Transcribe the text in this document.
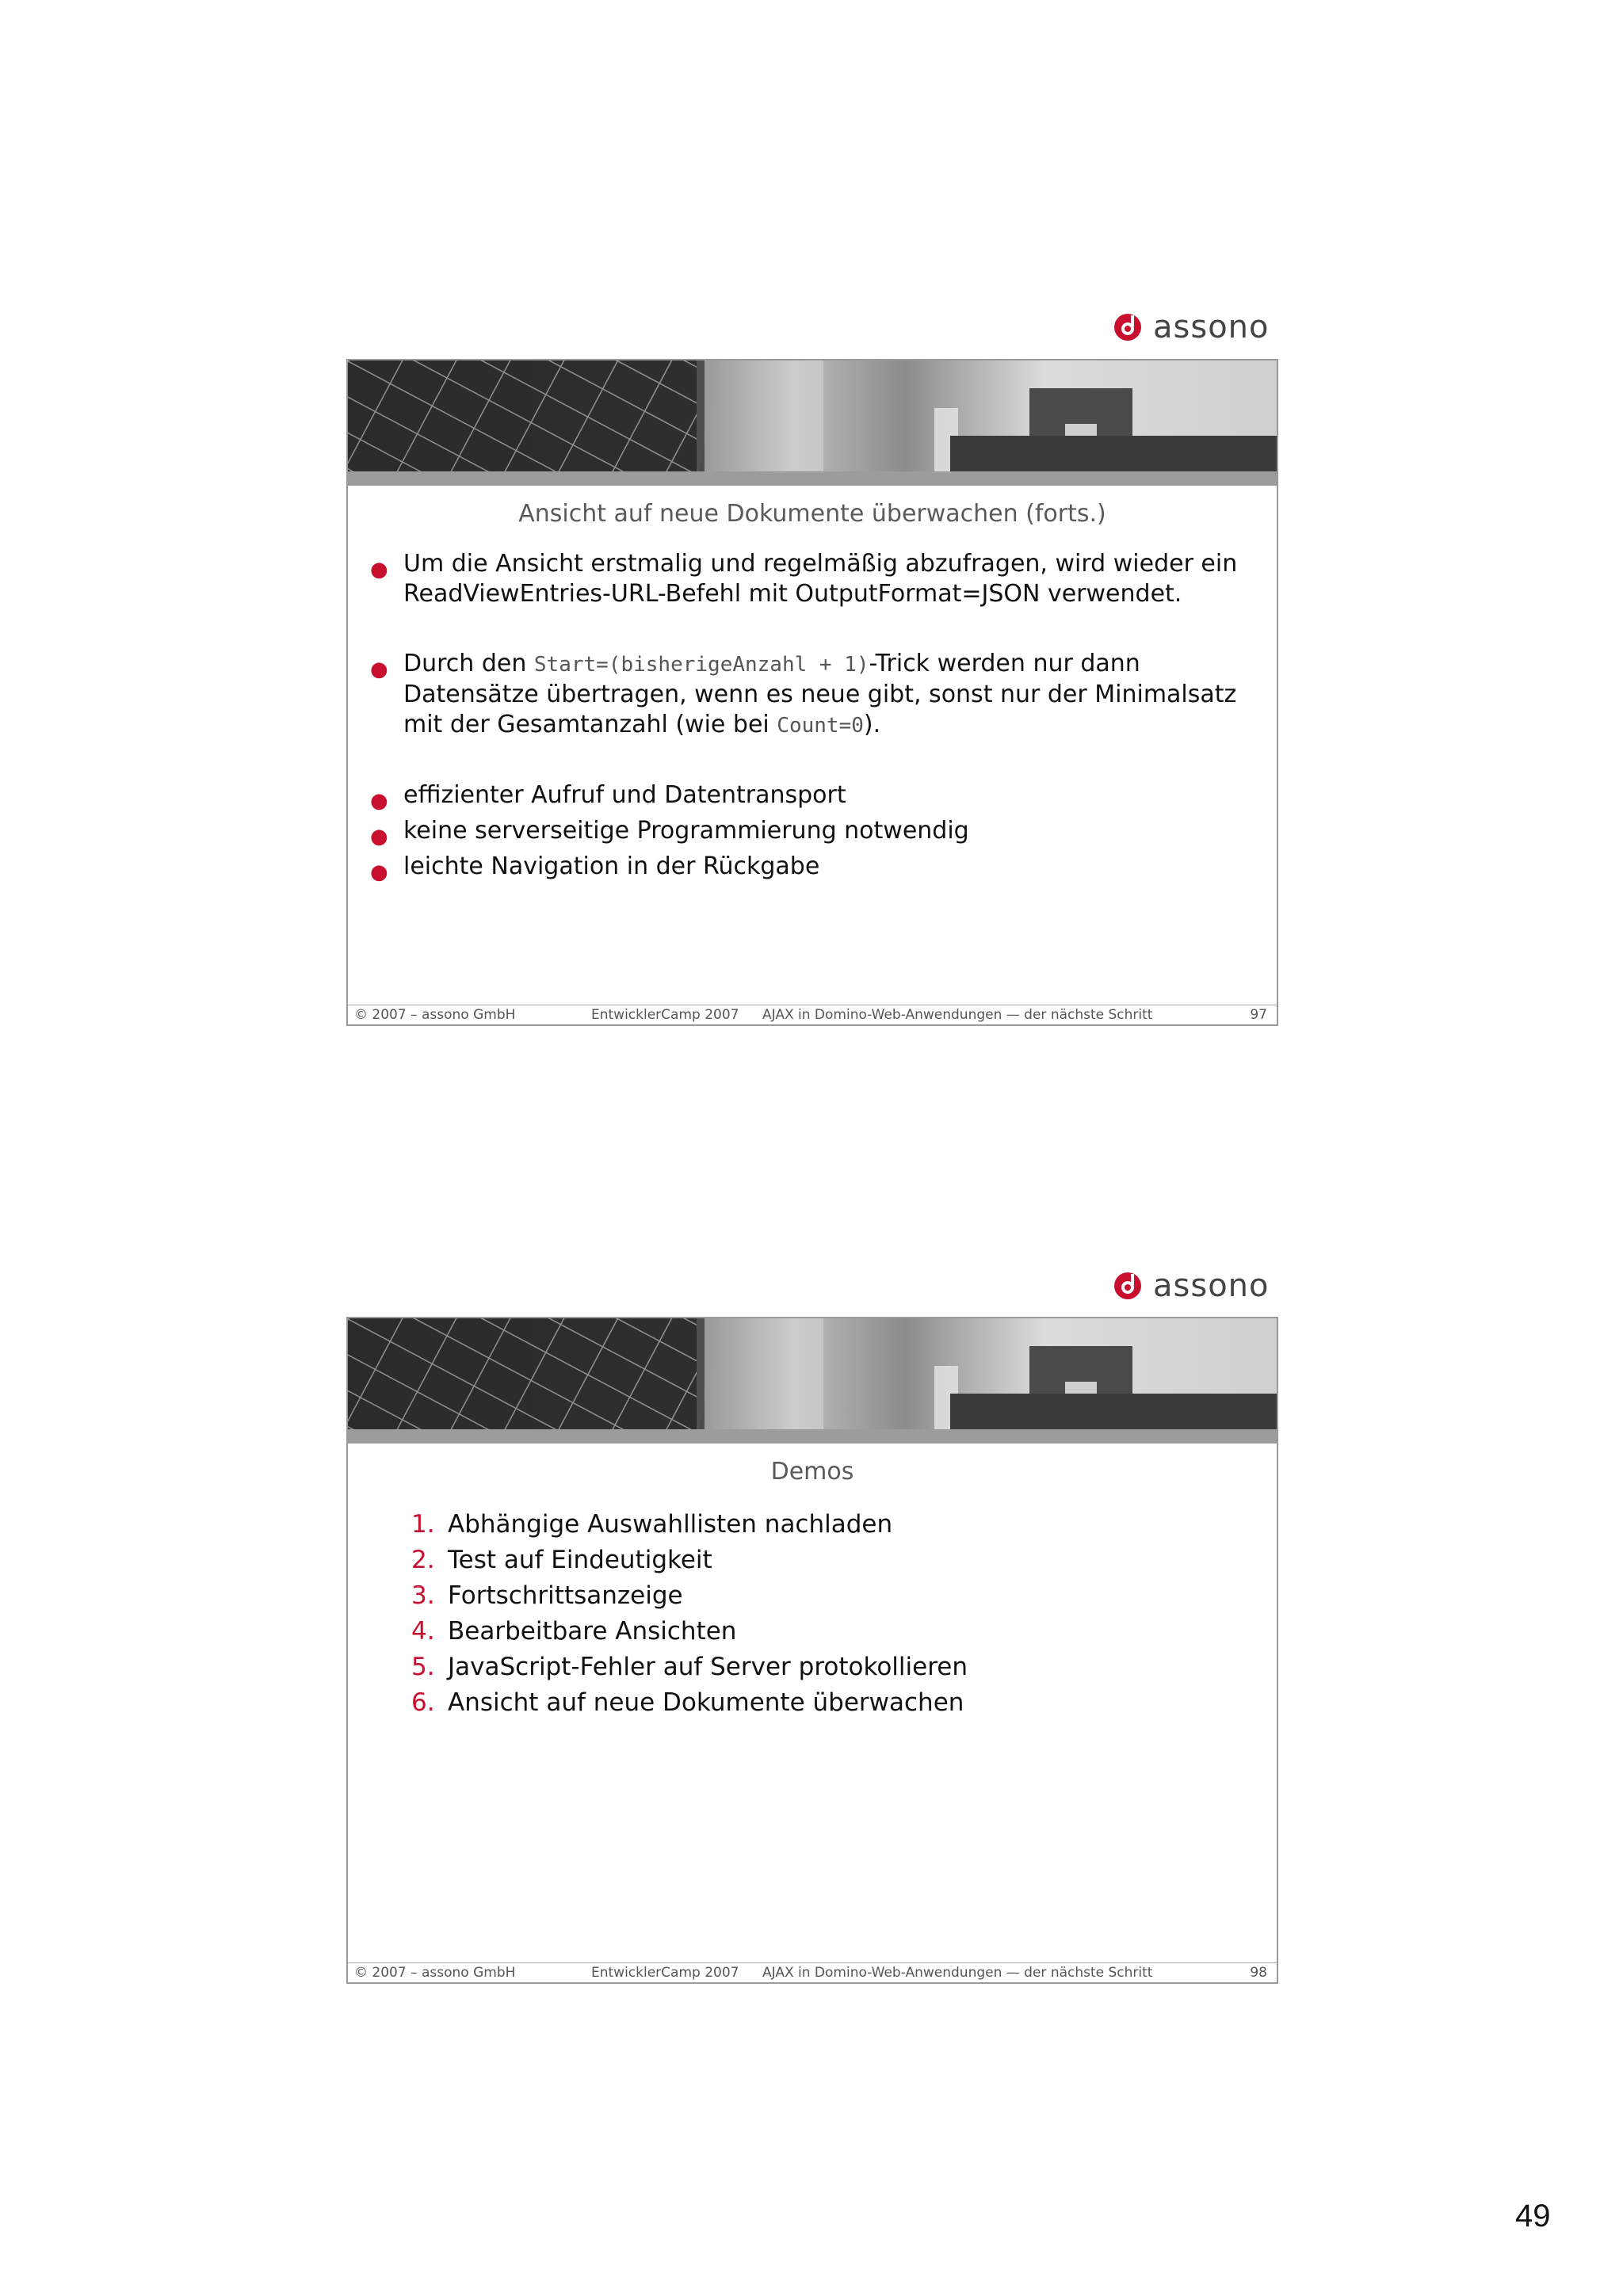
assono
Ansicht auf neue Dokumente überwachen (forts.)
● Um die Ansicht erstmalig und regelmäßig abzufragen, wird wieder ein ReadViewEntries-URL-Befehl mit OutputFormat=JSON verwendet.
● Durch den Start=(bisherigeAnzahl + 1)-Trick werden nur dann Datensätze übertragen, wenn es neue gibt, sonst nur der Minimalsatz mit der Gesamtanzahl (wie bei Count=0).
● effizienter Aufruf und Datentransport
● keine serverseitige Programmierung notwendig
● leichte Navigation in der Rückgabe
© 2007 – assono GmbH	EntwicklerCamp 2007 AJAX in Domino-Web-Anwendungen — der nächste Schritt	97
assono
Demos
1. Abhängige Auswahllisten nachladen
2. Test auf Eindeutigkeit
3. Fortschrittsanzeige
4. Bearbeitbare Ansichten
5. JavaScript-Fehler auf Server protokollieren
6. Ansicht auf neue Dokumente überwachen
© 2007 – assono GmbH	EntwicklerCamp 2007 AJAX in Domino-Web-Anwendungen — der nächste Schritt	98
49
